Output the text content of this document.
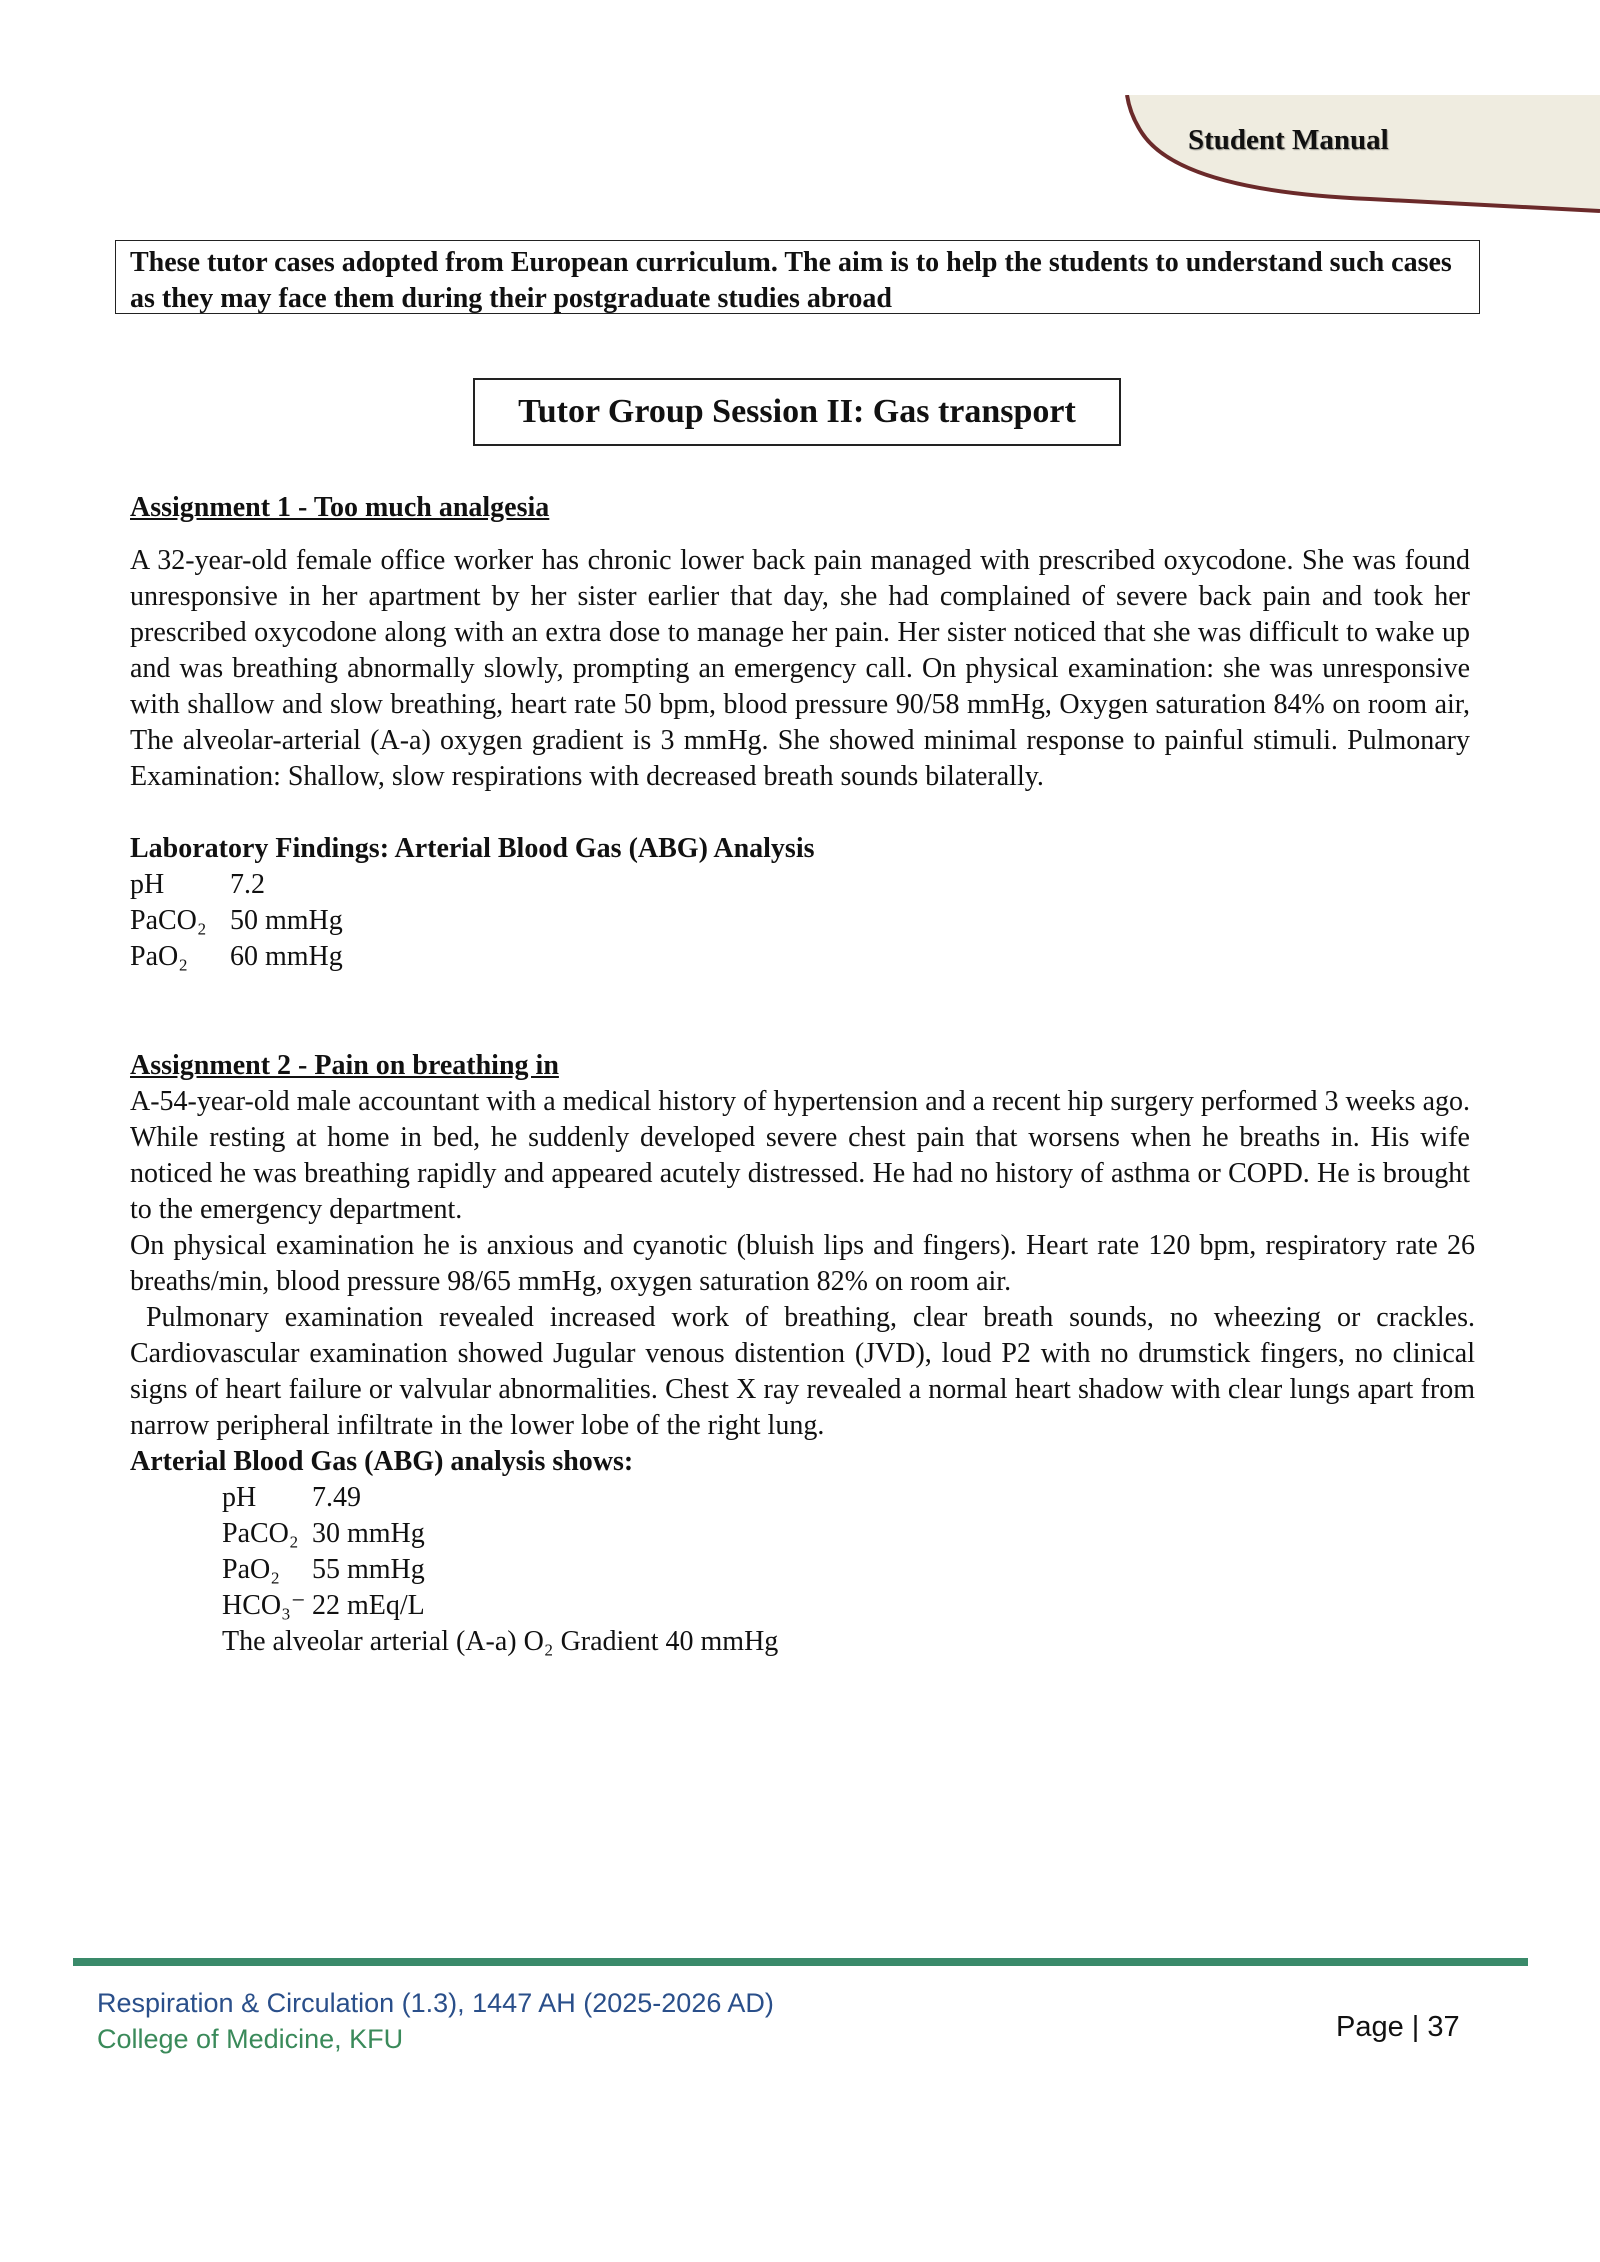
Student Manual
These tutor cases adopted from European curriculum. The aim is to help the students to understand such cases as they may face them during their postgraduate studies abroad
Tutor Group Session II: Gas transport
Assignment 1 - Too much analgesia
A 32-year-old female office worker has chronic lower back pain managed with prescribed oxycodone. She was found unresponsive in her apartment by her sister earlier that day, she had complained of severe back pain and took her prescribed oxycodone along with an extra dose to manage her pain. Her sister noticed that she was difficult to wake up and was breathing abnormally slowly, prompting an emergency call. On physical examination: she was unresponsive with shallow and slow breathing, heart rate 50 bpm, blood pressure 90/58 mmHg, Oxygen saturation 84% on room air, The alveolar-arterial (A-a) oxygen gradient is 3 mmHg. She showed minimal response to painful stimuli. Pulmonary Examination: Shallow, slow respirations with decreased breath sounds bilaterally.
Laboratory Findings: Arterial Blood Gas (ABG) Analysis
pH 7.2
PaCO₂ 50 mmHg
PaO₂ 60 mmHg
Assignment 2 - Pain on breathing in
A-54-year-old male accountant with a medical history of hypertension and a recent hip surgery performed 3 weeks ago. While resting at home in bed, he suddenly developed severe chest pain that worsens when he breaths in. His wife noticed he was breathing rapidly and appeared acutely distressed. He had no history of asthma or COPD. He is brought to the emergency department.
On physical examination he is anxious and cyanotic (bluish lips and fingers). Heart rate 120 bpm, respiratory rate 26 breaths/min, blood pressure 98/65 mmHg, oxygen saturation 82% on room air.
Pulmonary examination revealed increased work of breathing, clear breath sounds, no wheezing or crackles. Cardiovascular examination showed Jugular venous distention (JVD), loud P2 with no drumstick fingers, no clinical signs of heart failure or valvular abnormalities. Chest X ray revealed a normal heart shadow with clear lungs apart from narrow peripheral infiltrate in the lower lobe of the right lung.
Arterial Blood Gas (ABG) analysis shows:
pH 7.49
PaCO₂ 30 mmHg
PaO₂ 55 mmHg
HCO₃⁻ 22 mEq/L
The alveolar arterial (A-a) O₂ Gradient 40 mmHg
Respiration & Circulation (1.3), 1447 AH (2025-2026 AD)
College of Medicine, KFU	Page | 37
